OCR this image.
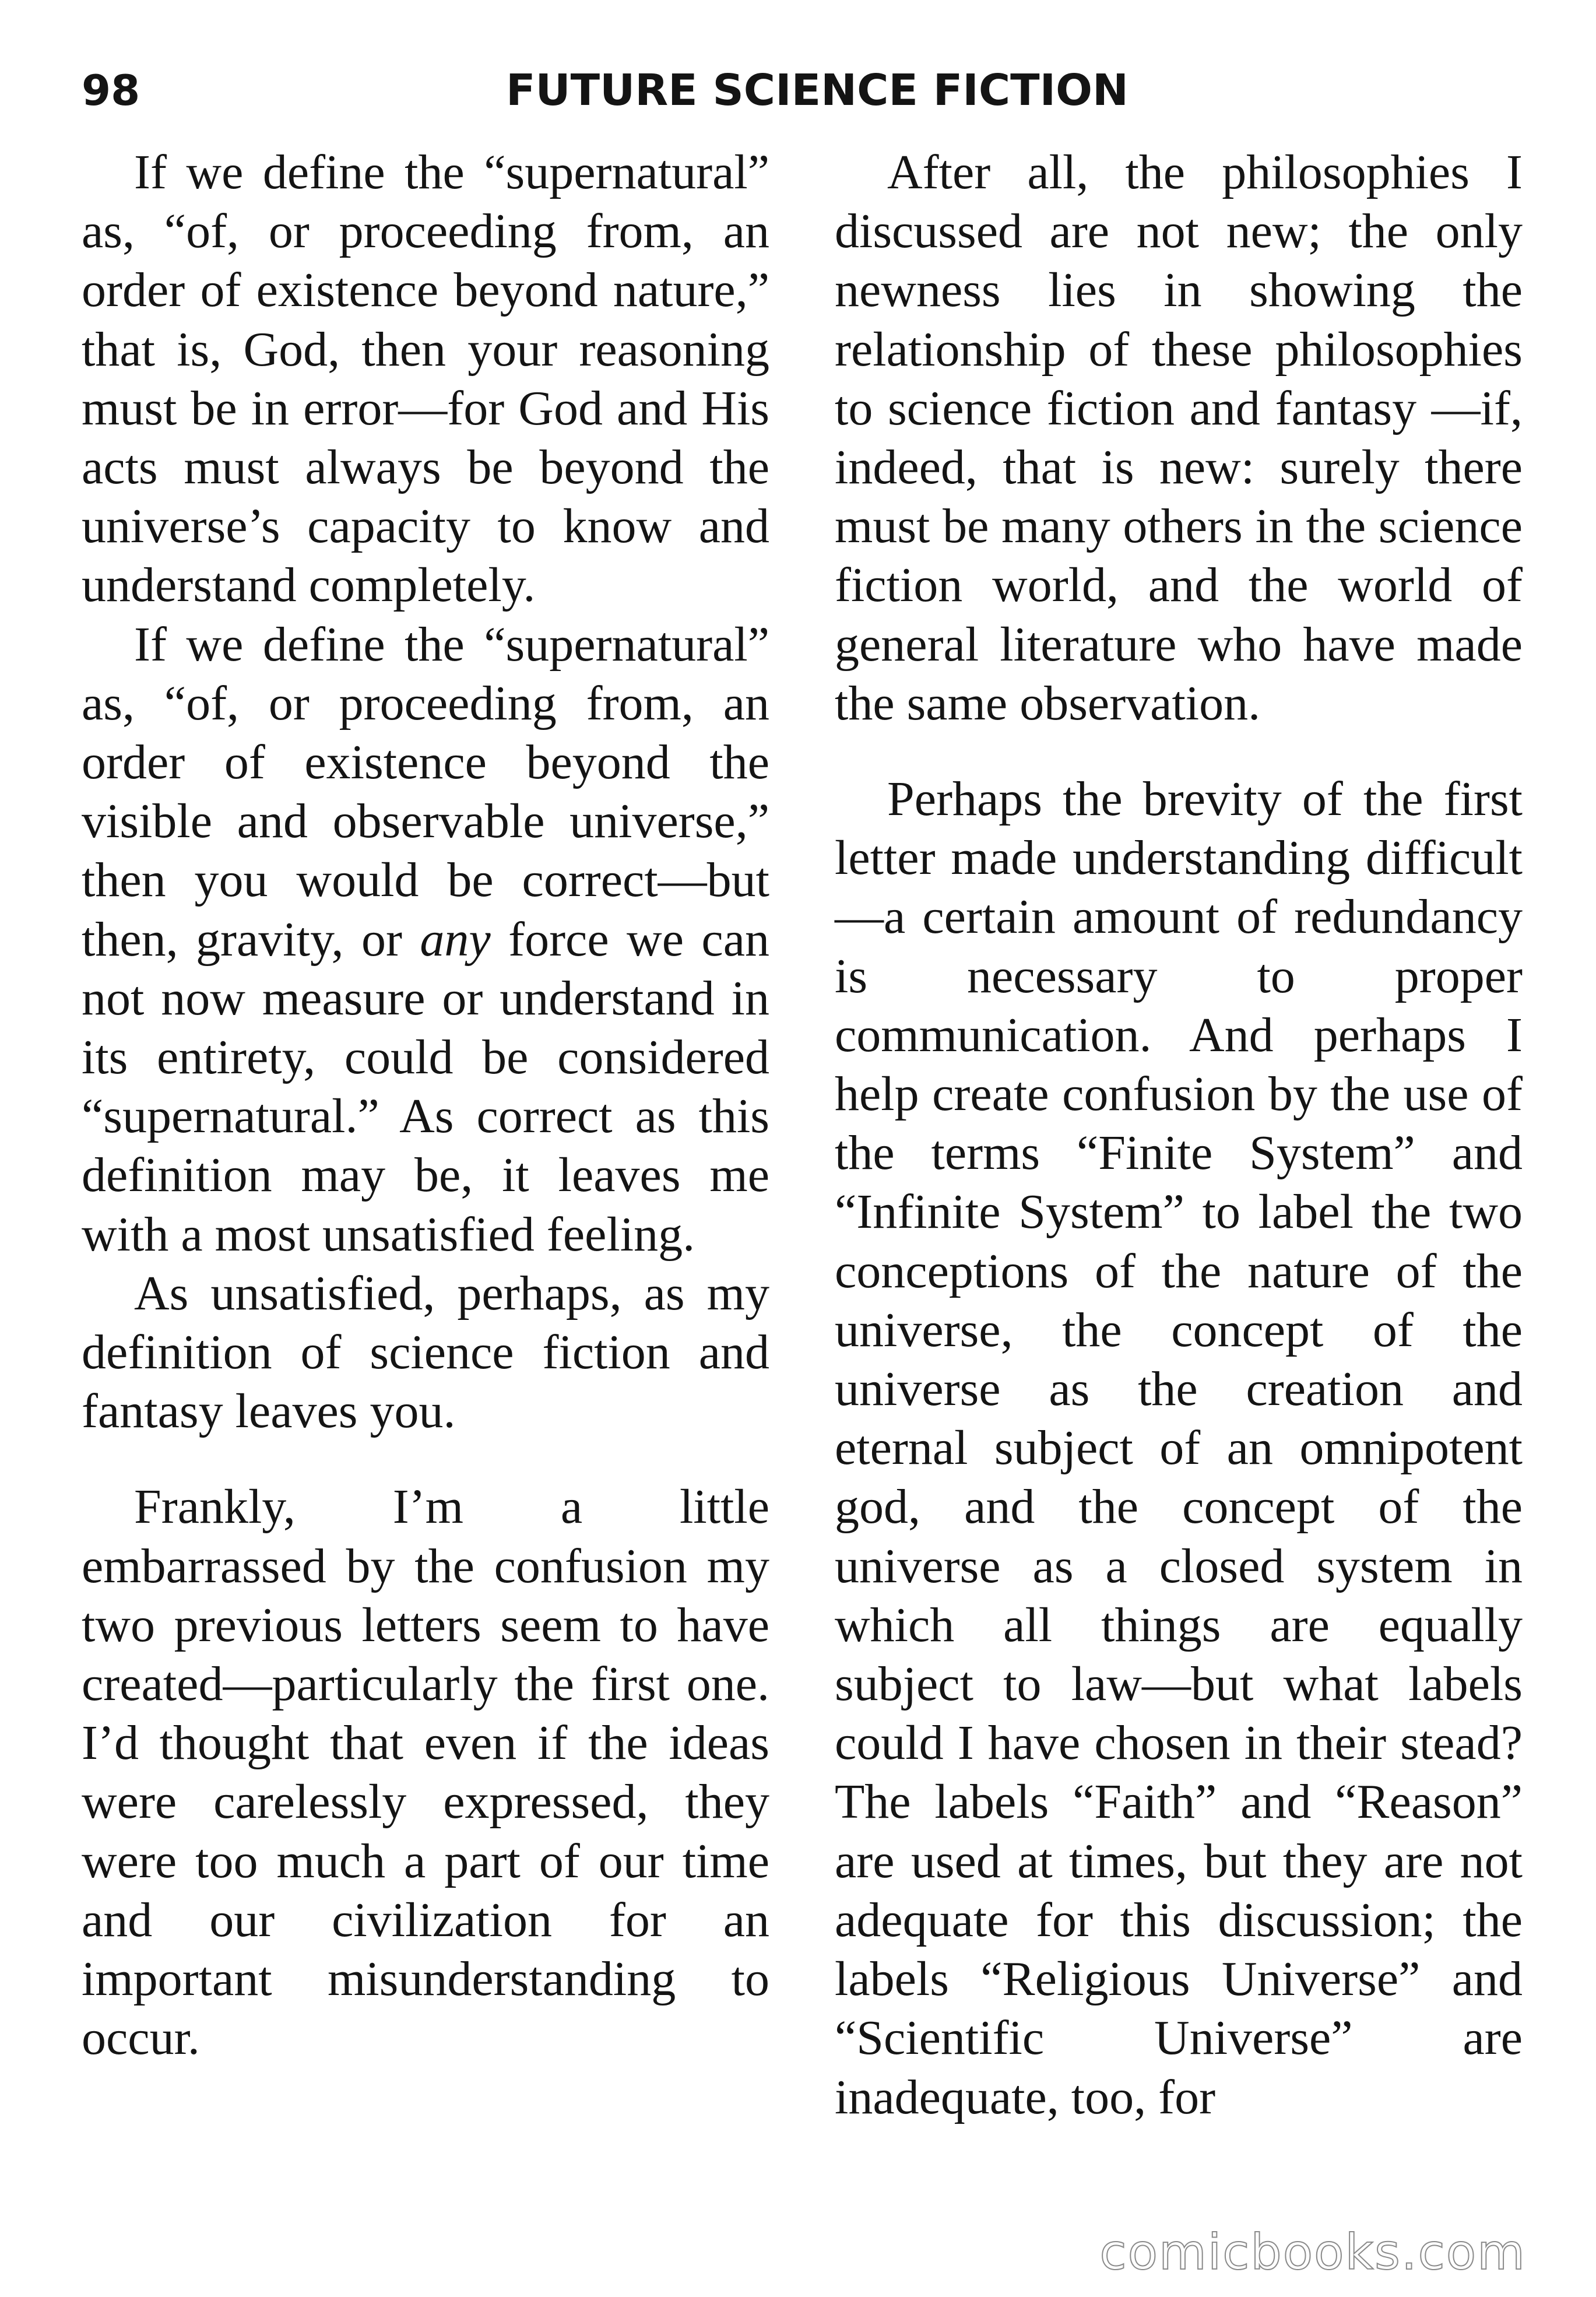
98	FUTURE SCIENCE FICTION

If we define the “supernatural” as, “of, or proceeding from, an order of existence beyond nature,” that is, God, then your reasoning must be in error—for God and His acts must always be beyond the universe’s capacity to know and understand completely.

If we define the “supernatural” as, “of, or proceeding from, an order of existence beyond the visible and observable universe,” then you would be correct—but then, gravity, or any force we can not now measure or understand in its entirety, could be considered “supernatural.” As correct as this definition may be, it leaves me with a most unsatisfied feeling.

As unsatisfied, perhaps, as my definition of science fiction and fantasy leaves you.

Frankly, I’m a little embarrassed by the confusion my two previous letters seem to have created—particularly the first one. I’d thought that even if the ideas were carelessly expressed, they were too much a part of our time and our civilization for an important misunderstanding to occur.

After all, the philosophies I discussed are not new; the only newness lies in showing the relationship of these philosophies to science fiction and fantasy —if, indeed, that is new: surely there must be many others in the science fiction world, and the world of general literature who have made the same observation.

Perhaps the brevity of the first letter made understanding difficult—a certain amount of redundancy is necessary to proper communication. And perhaps I help create confusion by the use of the terms “Finite System” and “Infinite System” to label the two conceptions of the nature of the universe, the concept of the universe as the creation and eternal subject of an omnipotent god, and the concept of the universe as a closed system in which all things are equally subject to law—but what labels could I have chosen in their stead? The labels “Faith” and “Reason” are used at times, but they are not adequate for this discussion; the labels “Religious Universe” and “Scientific Universe” are inadequate, too, for

comicbooks.com
